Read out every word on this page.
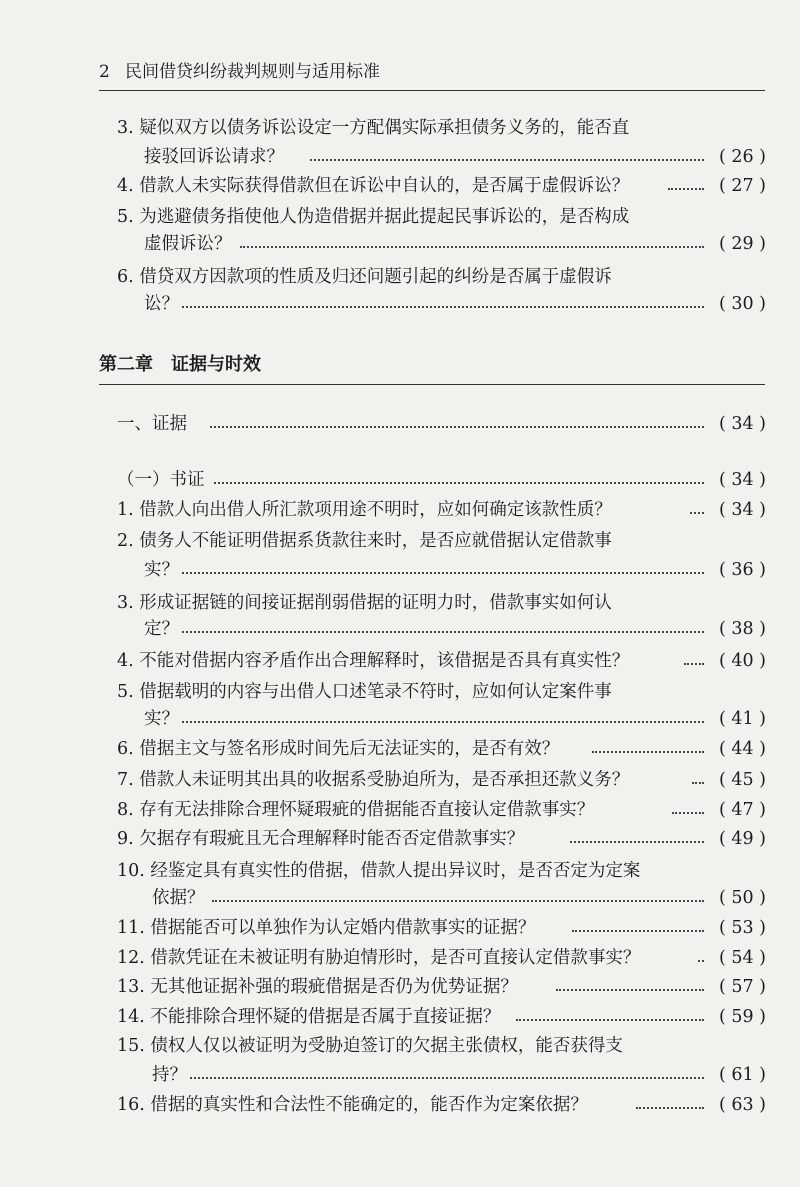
2 民间借贷纠纷裁判规则与适用标准
3. 疑似双方以债务诉讼设定一方配偶实际承担债务义务的，能否直
接驳回诉讼请求？	( 26 )
4. 借款人未实际获得借款但在诉讼中自认的，是否属于虚假诉讼？	( 27 )
5. 为逃避债务指使他人伪造借据并据此提起民事诉讼的，是否构成
虚假诉讼？	( 29 )
6. 借贷双方因款项的性质及归还问题引起的纠纷是否属于虚假诉
讼？	( 30 )
第二章 证据与时效
一、证据	( 34 )
（一）书证	( 34 )
1. 借款人向出借人所汇款项用途不明时，应如何确定该款性质？	( 34 )
2. 债务人不能证明借据系货款往来时，是否应就借据认定借款事
实？	( 36 )
3. 形成证据链的间接证据削弱借据的证明力时，借款事实如何认
定？	( 38 )
4. 不能对借据内容矛盾作出合理解释时，该借据是否具有真实性？	( 40 )
5. 借据载明的内容与出借人口述笔录不符时，应如何认定案件事
实？	( 41 )
6. 借据主文与签名形成时间先后无法证实的，是否有效？	( 44 )
7. 借款人未证明其出具的收据系受胁迫所为，是否承担还款义务？	( 45 )
8. 存有无法排除合理怀疑瑕疵的借据能否直接认定借款事实？	( 47 )
9. 欠据存有瑕疵且无合理解释时能否否定借款事实？	( 49 )
10. 经鉴定具有真实性的借据，借款人提出异议时，是否否定为定案
依据？	( 50 )
11. 借据能否可以单独作为认定婚内借款事实的证据？	( 53 )
12. 借款凭证在未被证明有胁迫情形时，是否可直接认定借款事实？	( 54 )
13. 无其他证据补强的瑕疵借据是否仍为优势证据？	( 57 )
14. 不能排除合理怀疑的借据是否属于直接证据？	( 59 )
15. 债权人仅以被证明为受胁迫签订的欠据主张债权，能否获得支
持？	( 61 )
16. 借据的真实性和合法性不能确定的，能否作为定案依据？	( 63 )
